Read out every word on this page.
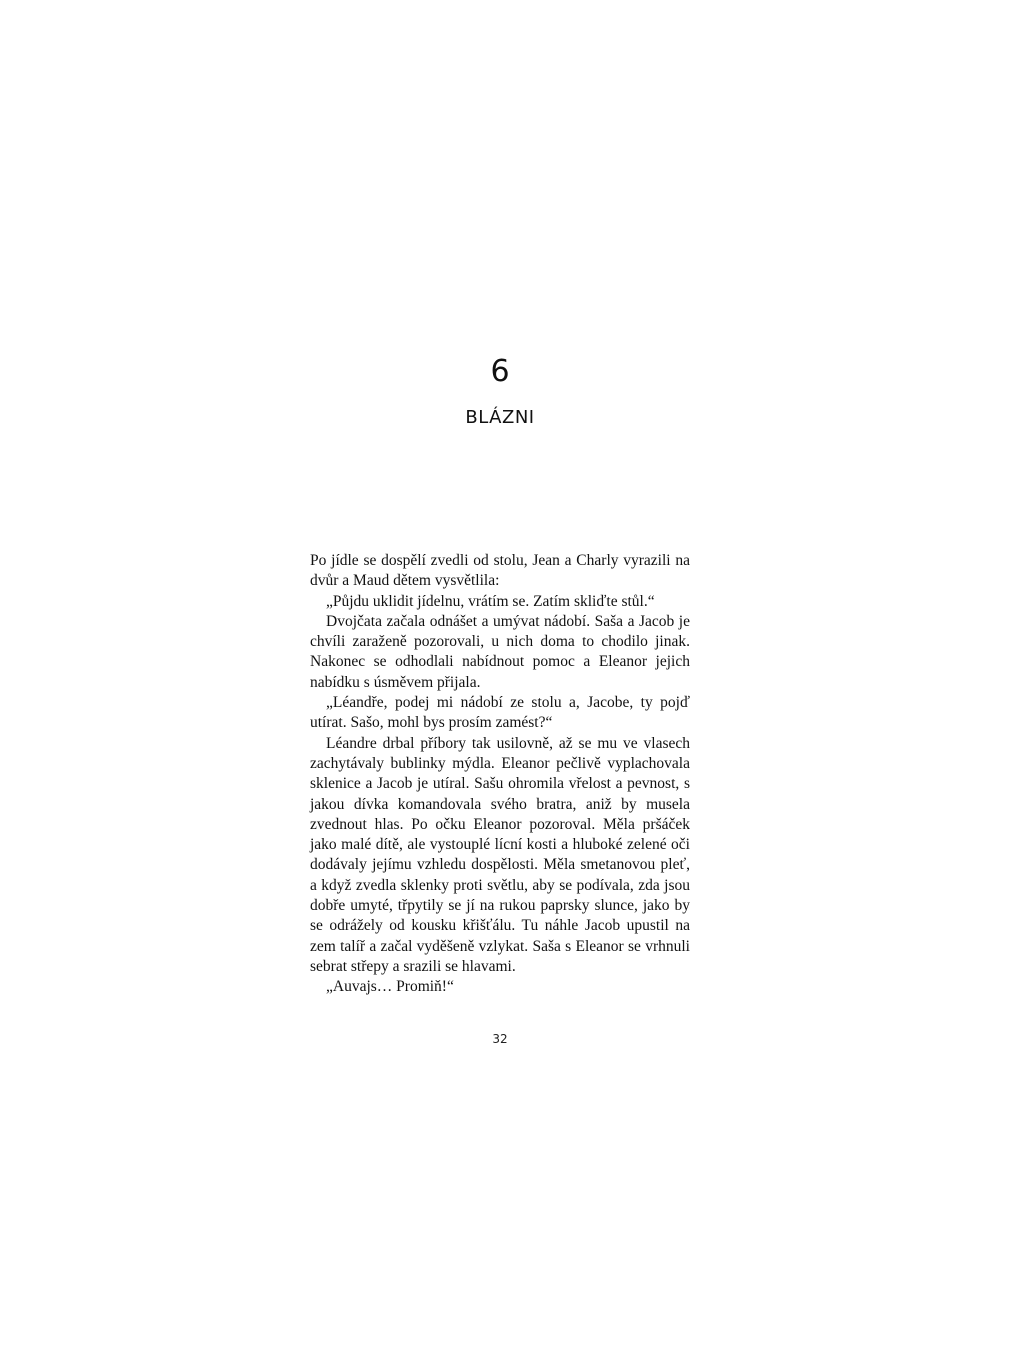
6
BLÁZNI

Po jídle se dospělí zvedli od stolu, Jean a Charly vyrazili na dvůr a Maud dětem vysvětlila:

„Půjdu uklidit jídelnu, vrátím se. Zatím skliďte stůl.“

Dvojčata začala odnášet a umývat nádobí. Saša a Jacob je chvíli zaraženě pozorovali, u nich doma to chodilo jinak. Nakonec se odhodlali nabídnout pomoc a Eleanor jejich nabídku s úsměvem přijala.

„Léandře, podej mi nádobí ze stolu a, Jacobe, ty pojď utírat. Sašo, mohl bys prosím zamést?“

Léandre drbal příbory tak usilovně, až se mu ve vlasech zachytávaly bublinky mýdla. Eleanor pečlivě vyplachovala sklenice a Jacob je utíral. Sašu ohromila vřelost a pevnost, s jakou dívka komandovala svého bratra, aniž by musela zvednout hlas. Po očku Eleanor pozoroval. Měla pršáček jako malé dítě, ale vystouplé lícní kosti a hluboké zelené oči dodávaly jejímu vzhledu dospělosti. Měla smetanovou pleť, a když zvedla sklenky proti světlu, aby se podívala, zda jsou dobře umyté, třpytily se jí na rukou paprsky slunce, jako by se odrážely od kousku křišťálu. Tu náhle Jacob upustil na zem talíř a začal vyděšeně vzlykat. Saša s Eleanor se vrhnuli sebrat střepy a srazili se hlavami.

„Auvajs… Promiň!“

32
